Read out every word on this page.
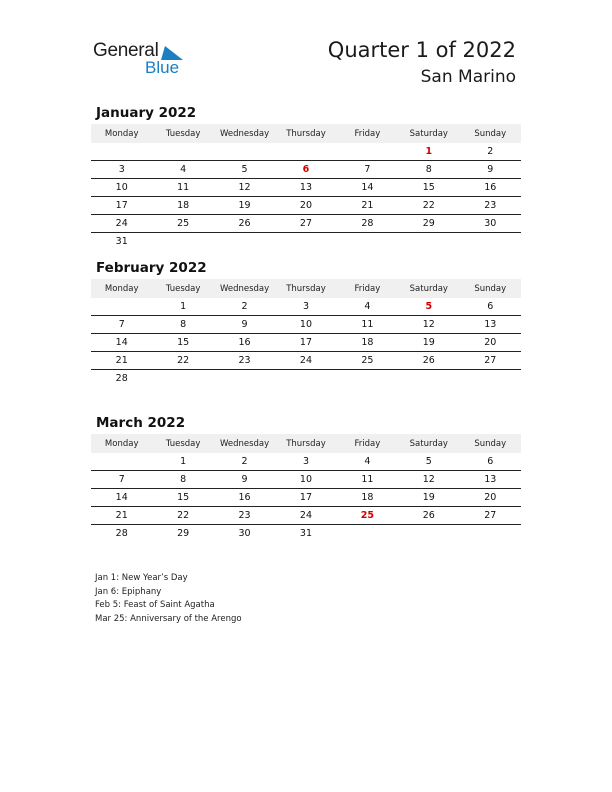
General
Blue
Quarter 1 of 2022
San Marino
January 2022
Monday	Tuesday	Wednesday	Thursday	Friday	Saturday	Sunday
					1	2
3	4	5	6	7	8	9
10	11	12	13	14	15	16
17	18	19	20	21	22	23
24	25	26	27	28	29	30
31						
February 2022
Monday	Tuesday	Wednesday	Thursday	Friday	Saturday	Sunday
	1	2	3	4	5	6
7	8	9	10	11	12	13
14	15	16	17	18	19	20
21	22	23	24	25	26	27
28						
March 2022
Monday	Tuesday	Wednesday	Thursday	Friday	Saturday	Sunday
	1	2	3	4	5	6
7	8	9	10	11	12	13
14	15	16	17	18	19	20
21	22	23	24	25	26	27
28	29	30	31			
Jan 1: New Year’s Day
Jan 6: Epiphany
Feb 5: Feast of Saint Agatha
Mar 25: Anniversary of the Arengo
